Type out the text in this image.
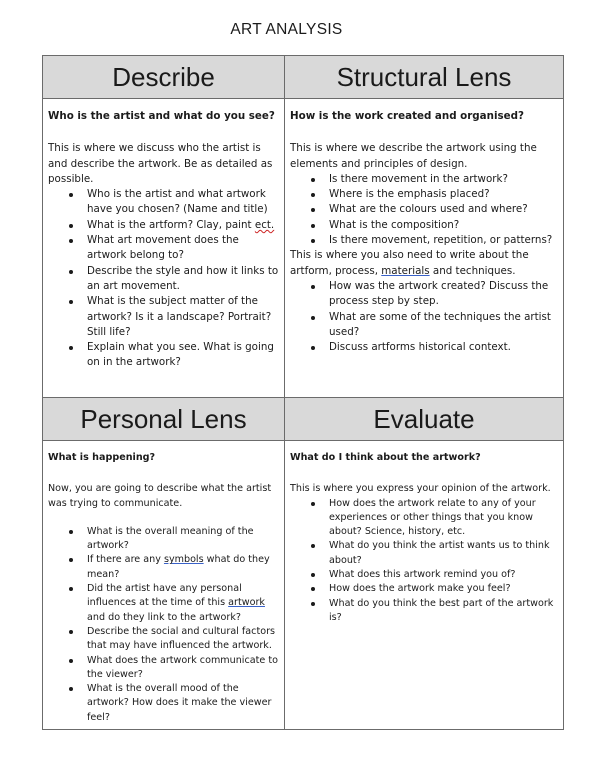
ART ANALYSIS
Describe
Who is the artist and what do you see?
This is where we discuss who the artist is and describe the artwork. Be as detailed as possible.
Who is the artist and what artwork have you chosen? (Name and title)
What is the artform? Clay, paint ect.
What art movement does the artwork belong to?
Describe the style and how it links to an art movement.
What is the subject matter of the artwork? Is it a landscape? Portrait? Still life?
Explain what you see. What is going on in the artwork?
Structural Lens
How is the work created and organised?
This is where we describe the artwork using the elements and principles of design.
Is there movement in the artwork?
Where is the emphasis placed?
What are the colours used and where?
What is the composition?
Is there movement, repetition, or patterns?
This is where you also need to write about the artform, process, materials and techniques.
How was the artwork created? Discuss the process step by step.
What are some of the techniques the artist used?
Discuss artforms historical context.
Personal Lens
What is happening?
Now, you are going to describe what the artist was trying to communicate.
What is the overall meaning of the artwork?
If there are any symbols what do they mean?
Did the artist have any personal influences at the time of this artwork and do they link to the artwork?
Describe the social and cultural factors that may have influenced the artwork.
What does the artwork communicate to the viewer?
What is the overall mood of the artwork? How does it make the viewer feel?
Evaluate
What do I think about the artwork?
This is where you express your opinion of the artwork.
How does the artwork relate to any of your experiences or other things that you know about? Science, history, etc.
What do you think the artist wants us to think about?
What does this artwork remind you of?
How does the artwork make you feel?
What do you think the best part of the artwork is?
